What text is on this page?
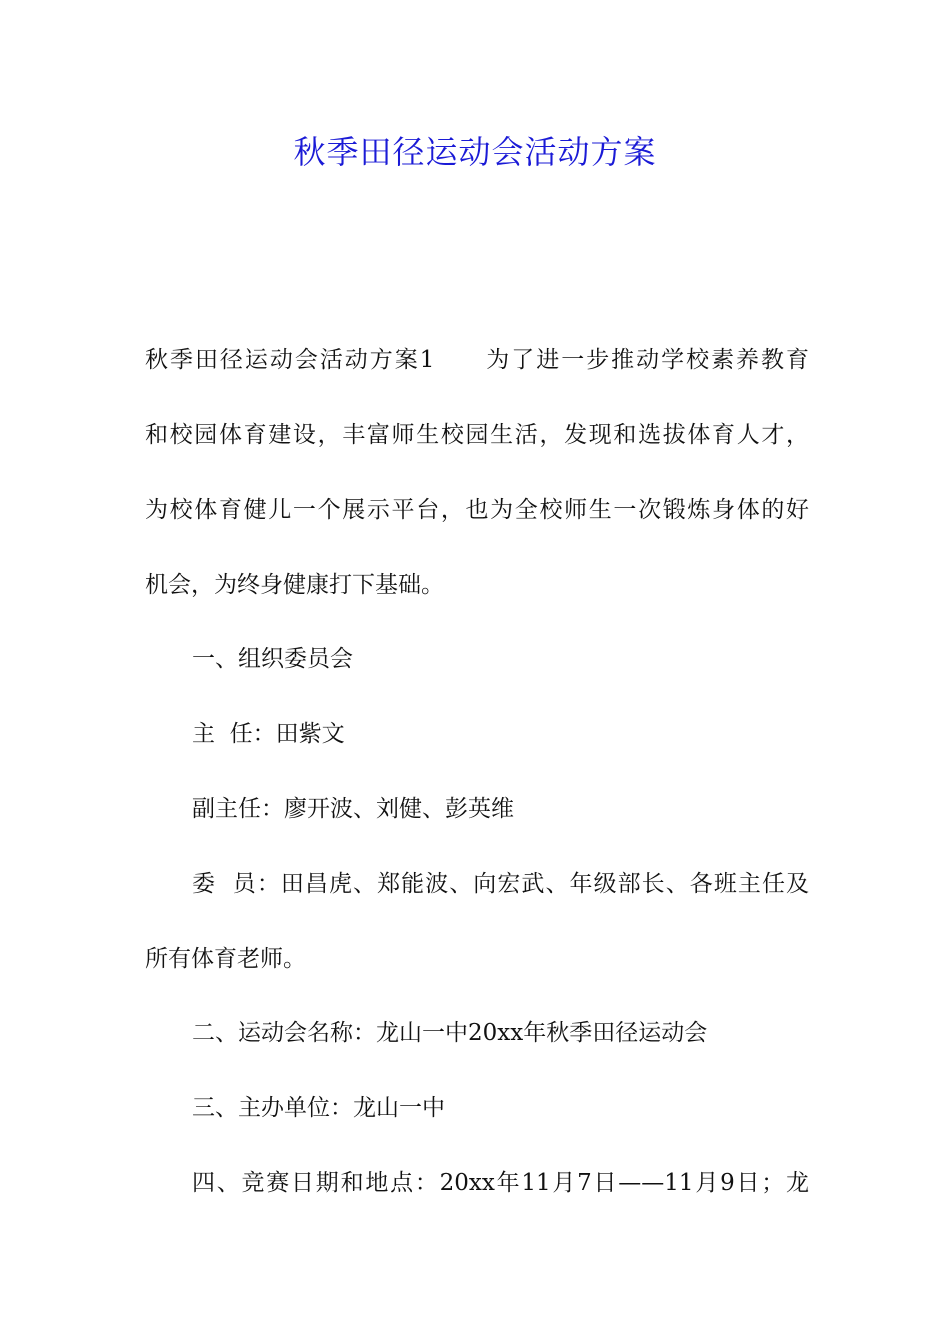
秋季田径运动会活动方案
秋季田径运动会活动方案1　　为了进一步推动学校素养教育
和校园体育建设，丰富师生校园生活，发现和选拔体育人才，
为校体育健儿一个展示平台，也为全校师生一次锻炼身体的好
机会，为终身健康打下基础。
一、组织委员会
主  任：田紫文
副主任：廖开波、刘健、彭英维
委  员：田昌虎、郑能波、向宏武、年级部长、各班主任及
所有体育老师。
二、运动会名称：龙山一中20xx年秋季田径运动会
三、主办单位：龙山一中
四、竞赛日期和地点：20xx年11月7日——11月9日；龙
